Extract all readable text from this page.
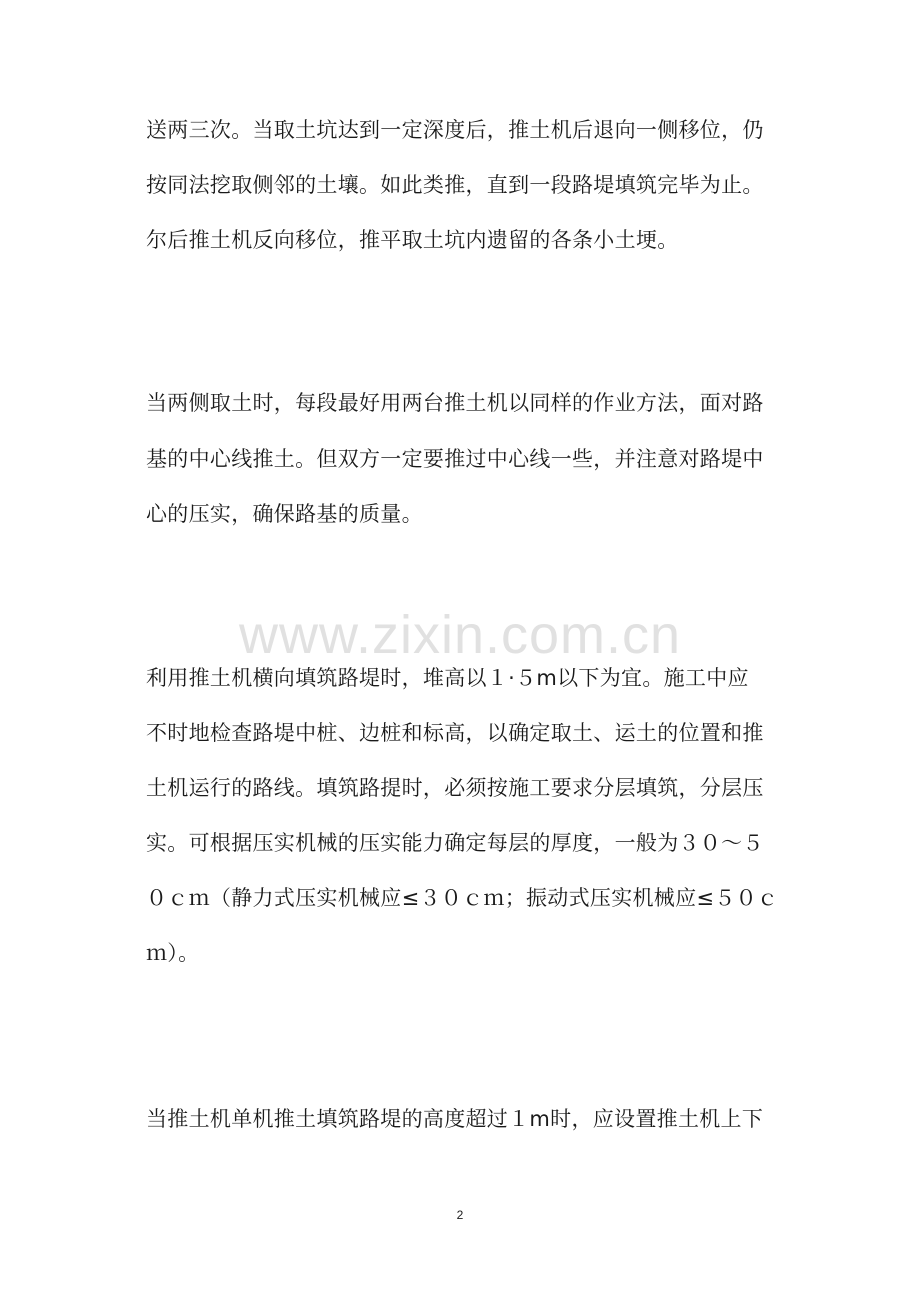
送两三次。当取土坑达到一定深度后，推土机后退向一侧移位，仍
按同法挖取侧邻的土壤。如此类推，直到一段路堤填筑完毕为止。
尔后推土机反向移位，推平取土坑内遗留的各条小土埂。
当两侧取土时，每段最好用两台推土机以同样的作业方法，面对路
基的中心线推土。但双方一定要推过中心线一些，并注意对路堤中
心的压实，确保路基的质量。
www.zixin.com.cn
利用推土机横向填筑路堤时，堆高以１·５m以下为宜。施工中应
不时地检查路堤中桩、边桩和标高，以确定取土、运土的位置和推
土机运行的路线。填筑路提时，必须按施工要求分层填筑，分层压
实。可根据压实机械的压实能力确定每层的厚度，一般为３０～５
０ｃｍ（静力式压实机械应≤３０ｃｍ；振动式压实机械应≤５０ｃ
ｍ）。
当推土机单机推土填筑路堤的高度超过１m时，应设置推土机上下
2
